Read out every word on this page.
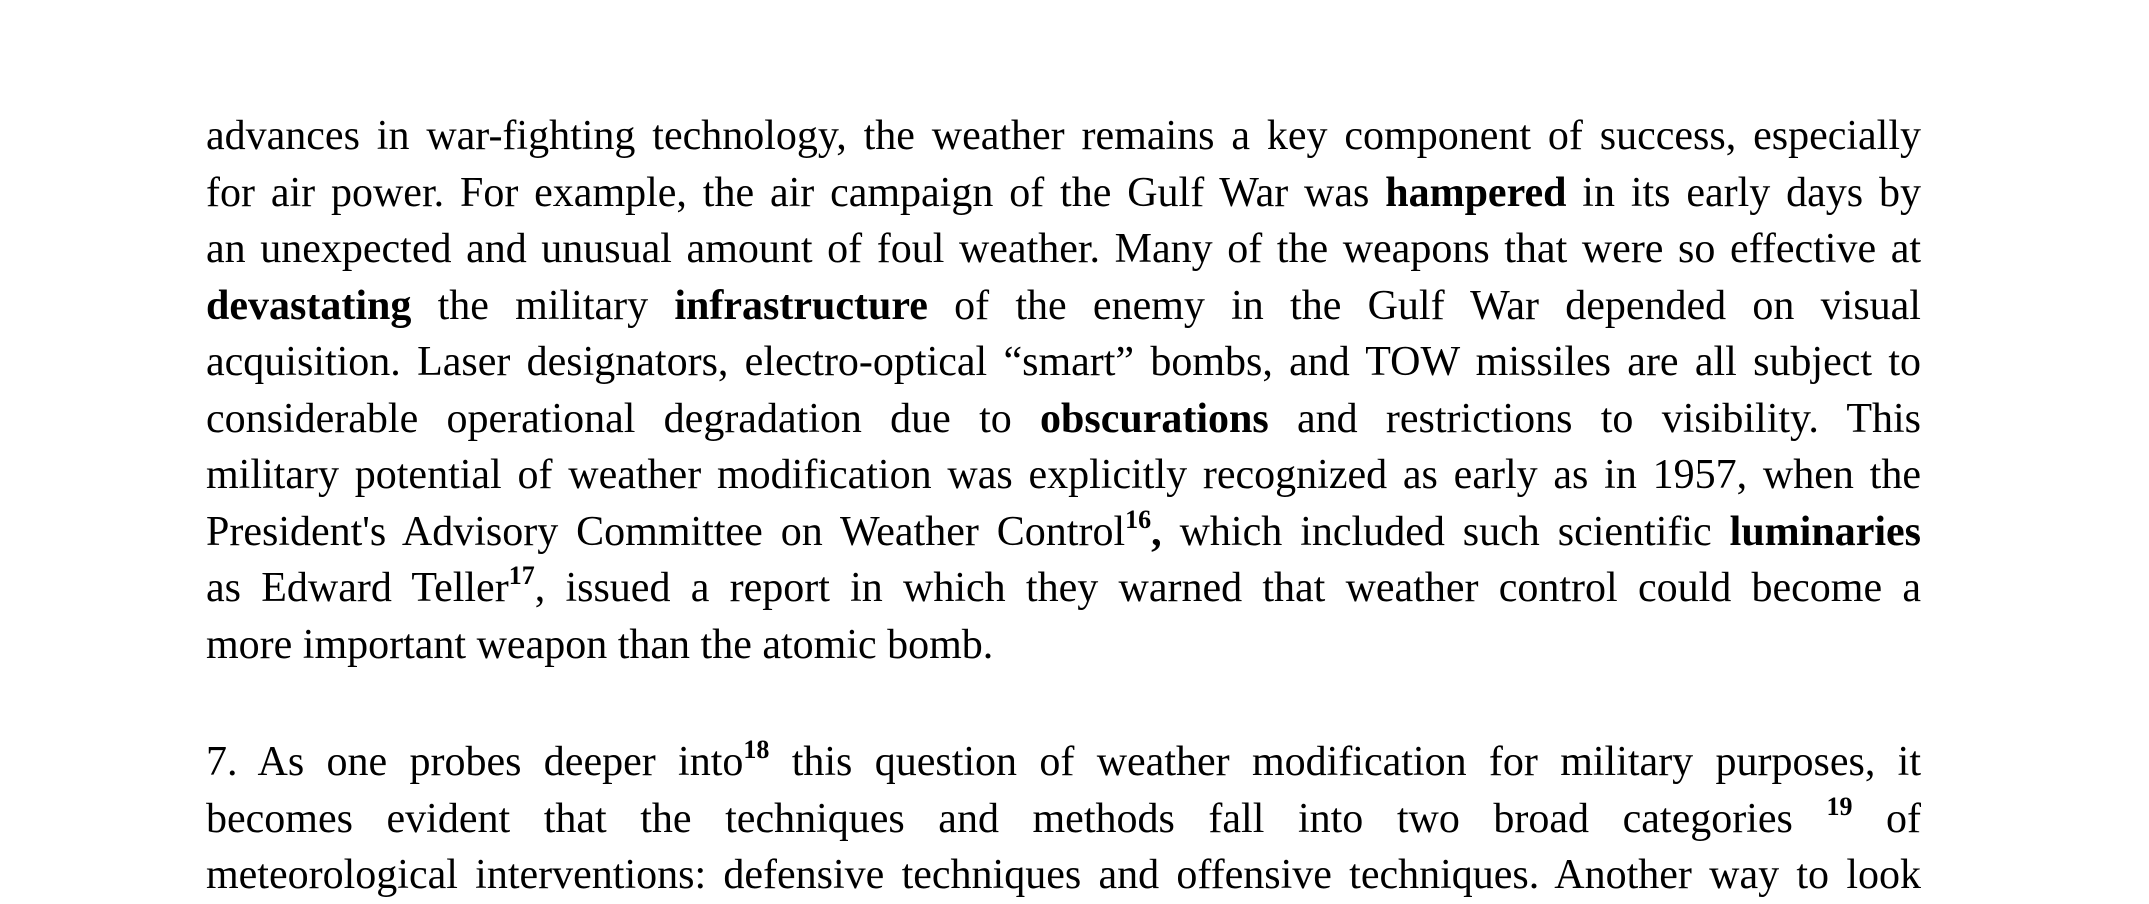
advances in war-fighting technology, the weather remains a key component of success, especially
for air power. For example, the air campaign of the Gulf War was hampered in its early days by
an unexpected and unusual amount of foul weather. Many of the weapons that were so effective at
devastating the military infrastructure of the enemy in the Gulf War depended on visual
acquisition. Laser designators, electro-optical “smart” bombs, and TOW missiles are all subject to
considerable operational degradation due to obscurations and restrictions to visibility. This
military potential of weather modification was explicitly recognized as early as in 1957, when the
President's Advisory Committee on Weather Control$^{16}$, which included such scientific luminaries
as Edward Teller$^{17}$, issued a report in which they warned that weather control could become a
more important weapon than the atomic bomb.
7. As one probes deeper into$^{18}$ this question of weather modification for military purposes, it
becomes evident that the techniques and methods fall into two broad categories $^{19}$ of
meteorological interventions: defensive techniques and offensive techniques. Another way to look
